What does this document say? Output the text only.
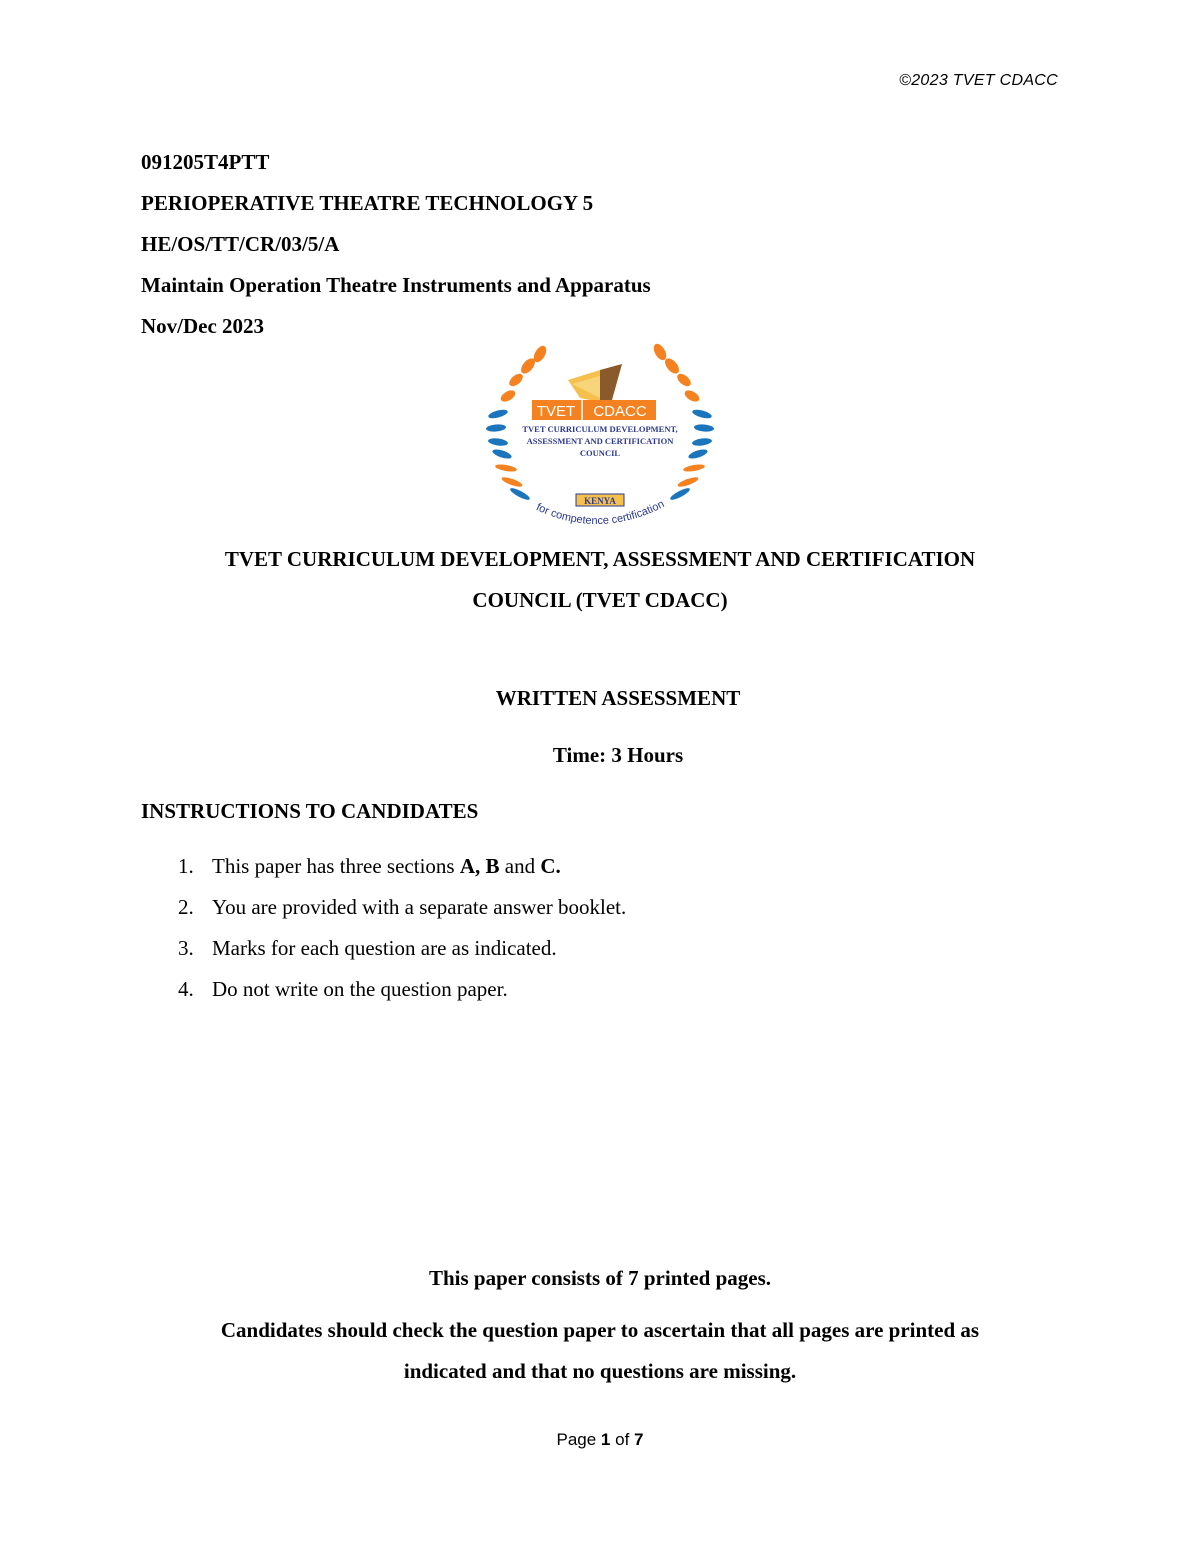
©2023 TVET CDACC
091205T4PTT
PERIOPERATIVE THEATRE TECHNOLOGY 5
HE/OS/TT/CR/03/5/A
Maintain Operation Theatre Instruments and Apparatus
Nov/Dec 2023
TVET CDACC
TVET CURRICULUM DEVELOPMENT,
ASSESSMENT AND CERTIFICATION
COUNCIL
KENYA
for competence certification
TVET CURRICULUM DEVELOPMENT, ASSESSMENT AND CERTIFICATION
COUNCIL (TVET CDACC)
WRITTEN ASSESSMENT
Time: 3 Hours
INSTRUCTIONS TO CANDIDATES
1. This paper has three sections A, B and C.
2. You are provided with a separate answer booklet.
3. Marks for each question are as indicated.
4. Do not write on the question paper.
This paper consists of 7 printed pages.
Candidates should check the question paper to ascertain that all pages are printed as
indicated and that no questions are missing.
Page 1 of 7
